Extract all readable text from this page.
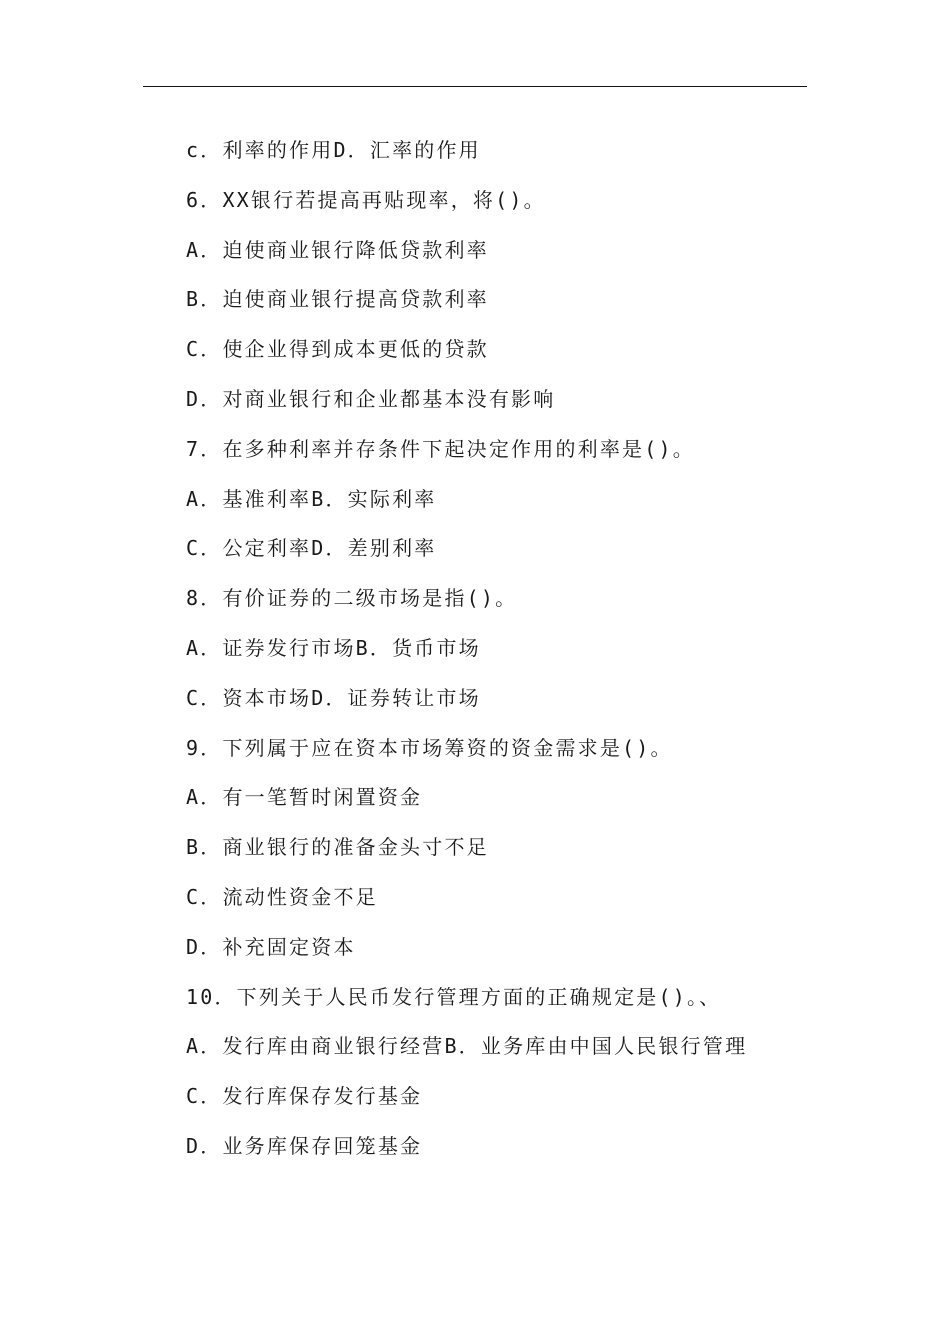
c．利率的作用D．汇率的作用
6．XX银行若提高再贴现率，将()。
A．迫使商业银行降低贷款利率
B．迫使商业银行提高贷款利率
C．使企业得到成本更低的贷款
D．对商业银行和企业都基本没有影响
7．在多种利率并存条件下起决定作用的利率是()。
A．基准利率B．实际利率
C．公定利率D．差别利率
8．有价证券的二级市场是指()。
A．证券发行市场B．货币市场
C．资本市场D．证券转让市场
9．下列属于应在资本市场筹资的资金需求是()。
A．有一笔暂时闲置资金
B．商业银行的准备金头寸不足
C．流动性资金不足
D．补充固定资本
10．下列关于人民币发行管理方面的正确规定是()。、
A．发行库由商业银行经营B．业务库由中国人民银行管理
C．发行库保存发行基金
D．业务库保存回笼基金
